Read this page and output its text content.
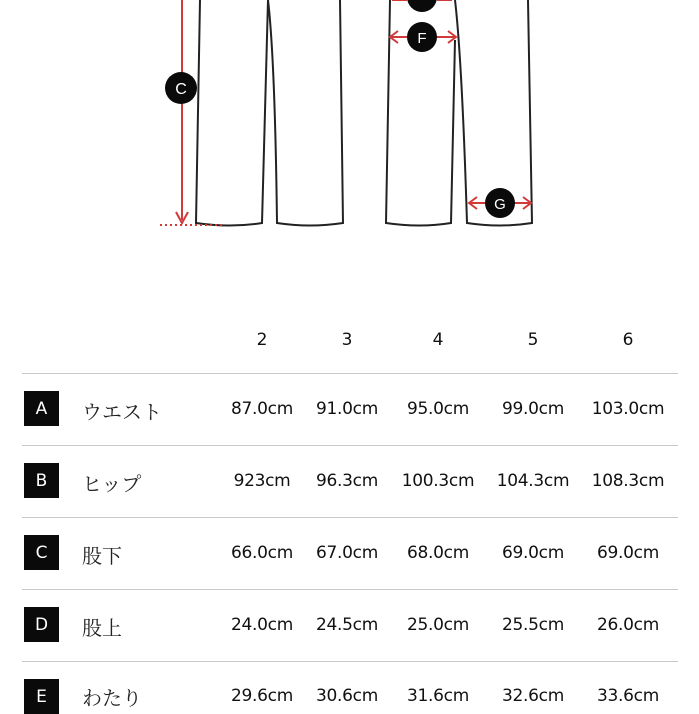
C
F
G
2	3	4	5	6
A	ウエスト	87.0cm 91.0cm 95.0cm 99.0cm 103.0cm
B	ヒップ	923cm 96.3cm 100.3cm 104.3cm 108.3cm
C	股下	66.0cm 67.0cm 68.0cm 69.0cm 69.0cm
D	股上	24.0cm 24.5cm 25.0cm 25.5cm 26.0cm
E	わたり	29.6cm 30.6cm 31.6cm 32.6cm 33.6cm
